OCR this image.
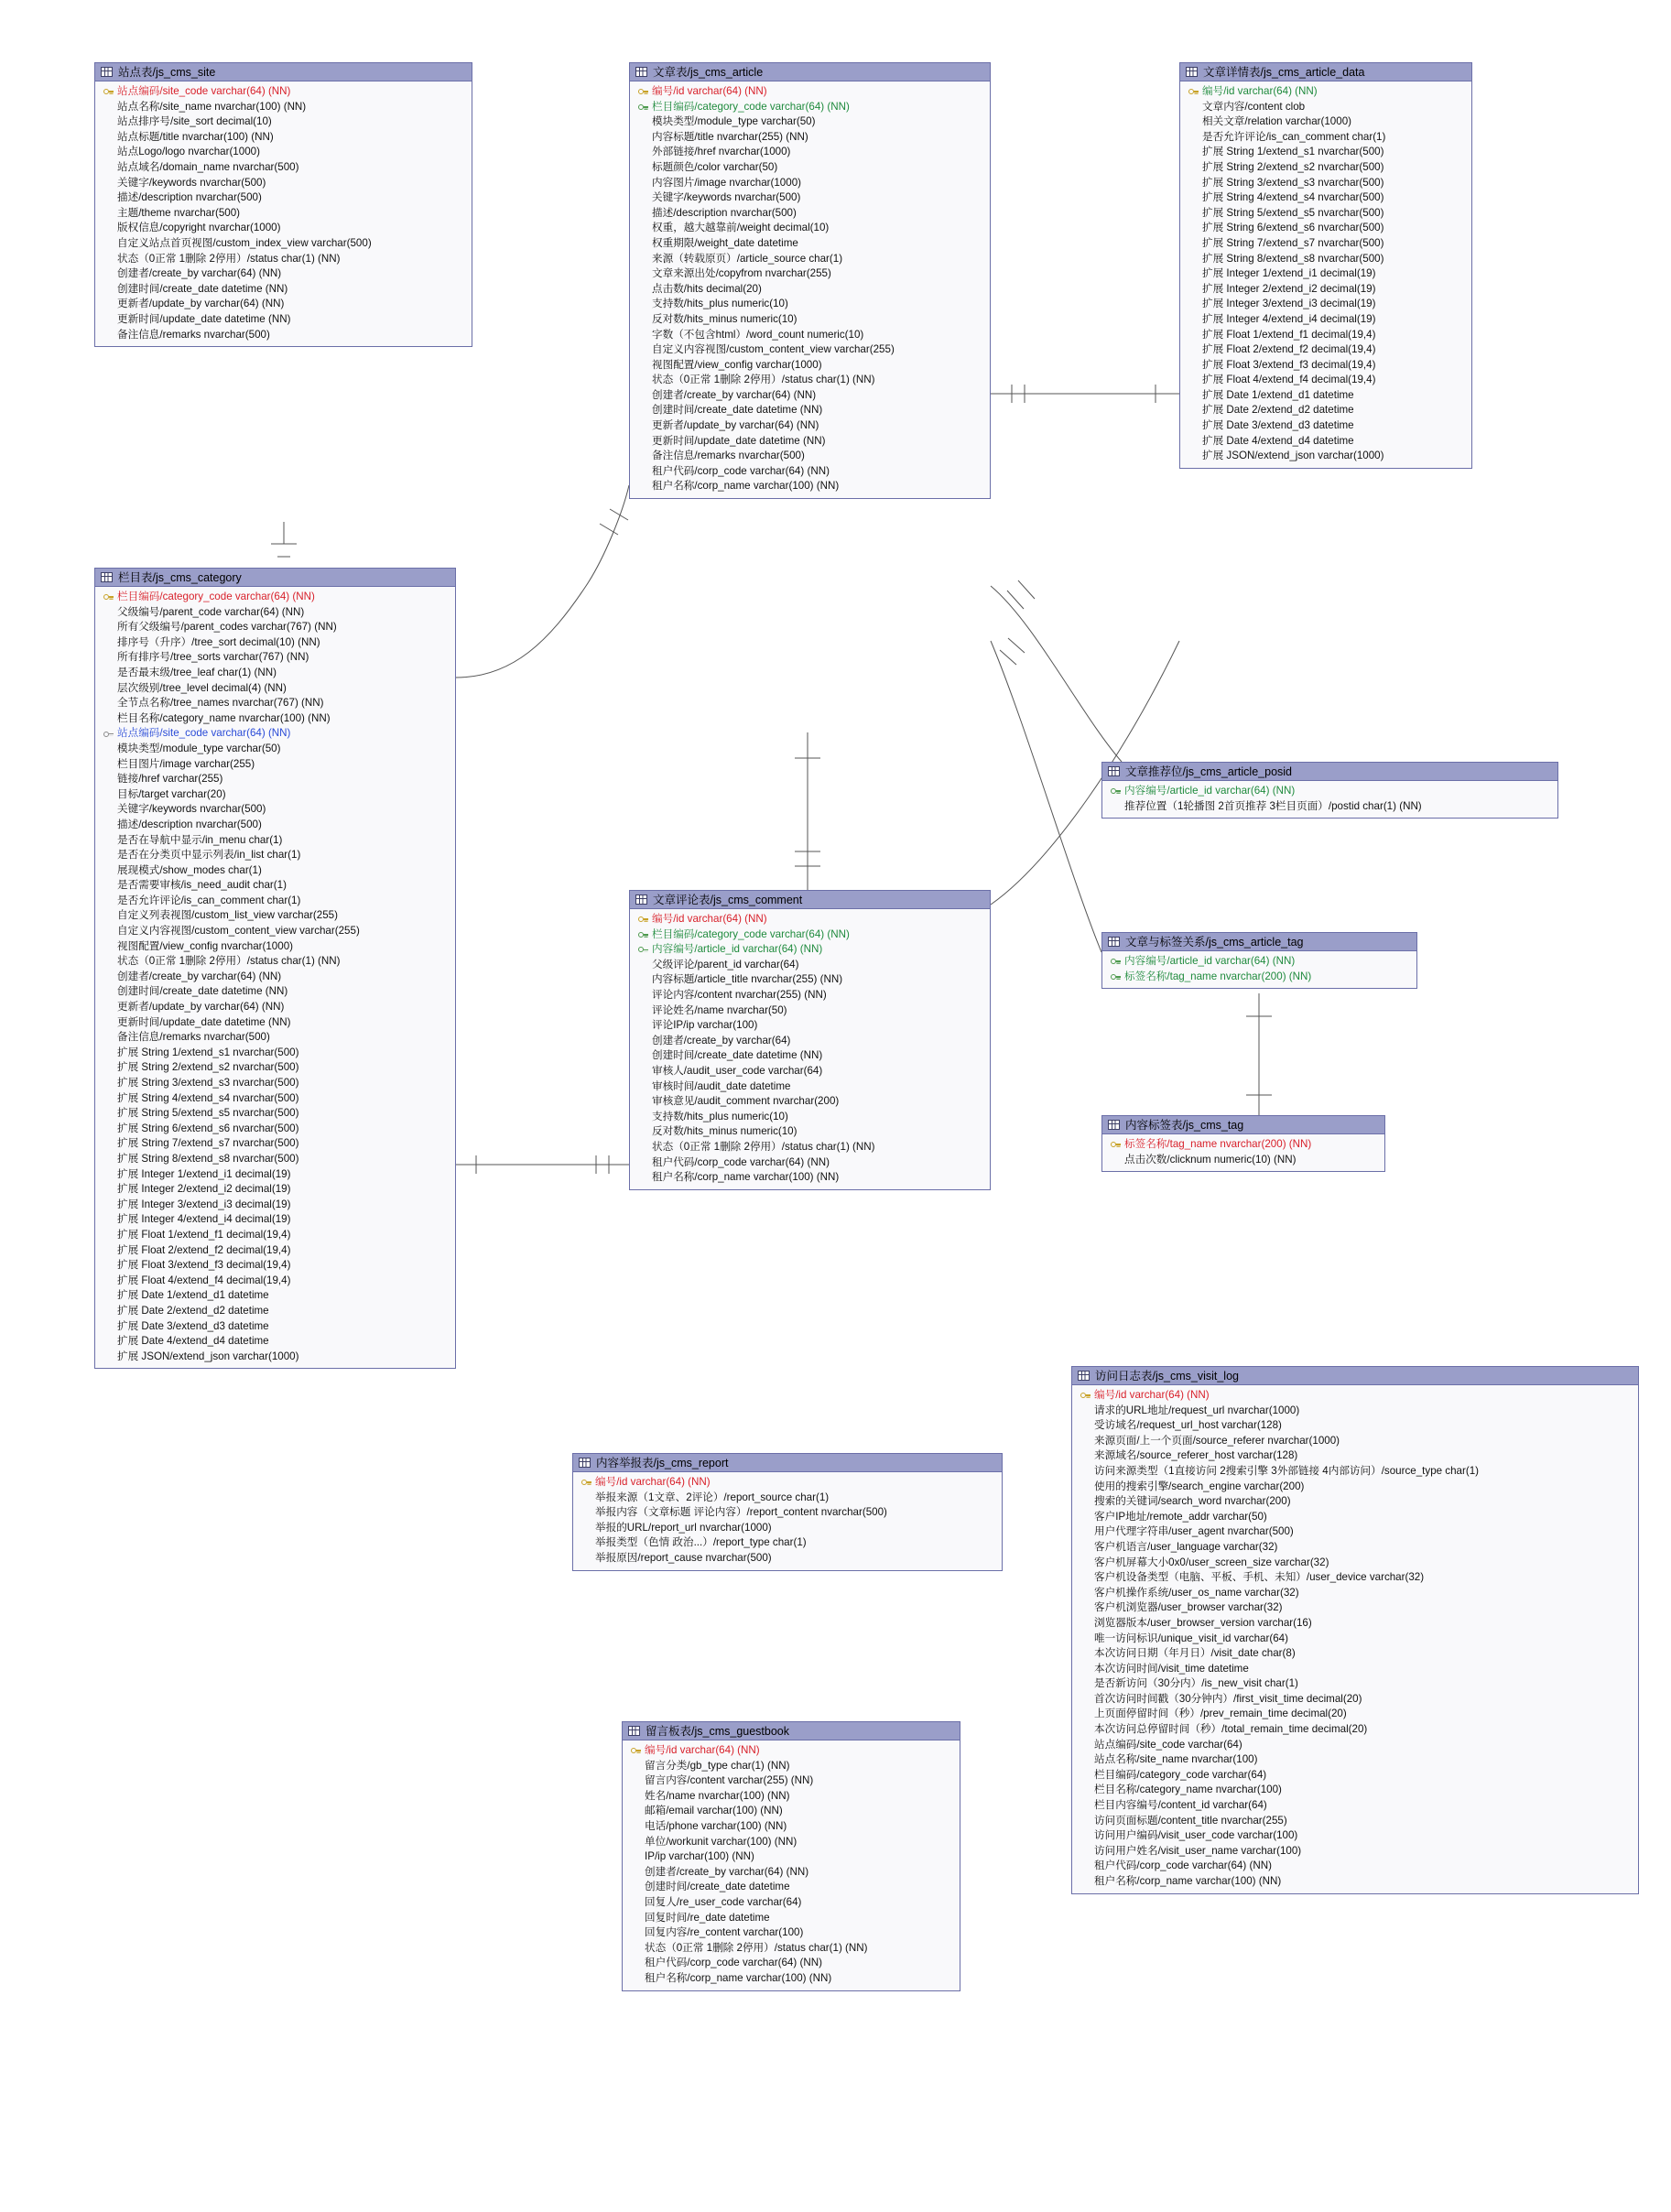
站点表/js_cms_site
站点编码/site_code varchar(64) (NN)
站点名称/site_name nvarchar(100) (NN)
站点排序号/site_sort decimal(10)
站点标题/title nvarchar(100) (NN)
站点Logo/logo nvarchar(1000)
站点域名/domain_name nvarchar(500)
关键字/keywords nvarchar(500)
描述/description nvarchar(500)
主题/theme nvarchar(500)
版权信息/copyright nvarchar(1000)
自定义站点首页视图/custom_index_view varchar(500)
状态（0正常 1删除 2停用）/status char(1) (NN)
创建者/create_by varchar(64) (NN)
创建时间/create_date datetime (NN)
更新者/update_by varchar(64) (NN)
更新时间/update_date datetime (NN)
备注信息/remarks nvarchar(500)
栏目表/js_cms_category
栏目编码/category_code varchar(64) (NN)
父级编号/parent_code varchar(64) (NN)
所有父级编号/parent_codes varchar(767) (NN)
排序号（升序）/tree_sort decimal(10) (NN)
所有排序号/tree_sorts varchar(767) (NN)
是否最末级/tree_leaf char(1) (NN)
层次级别/tree_level decimal(4) (NN)
全节点名称/tree_names nvarchar(767) (NN)
栏目名称/category_name nvarchar(100) (NN)
站点编码/site_code varchar(64) (NN)
模块类型/module_type varchar(50)
栏目图片/image varchar(255)
链接/href varchar(255)
目标/target varchar(20)
关键字/keywords nvarchar(500)
描述/description nvarchar(500)
是否在导航中显示/in_menu char(1)
是否在分类页中显示列表/in_list char(1)
展现模式/show_modes char(1)
是否需要审核/is_need_audit char(1)
是否允许评论/is_can_comment char(1)
自定义列表视图/custom_list_view varchar(255)
自定义内容视图/custom_content_view varchar(255)
视图配置/view_config nvarchar(1000)
状态（0正常 1删除 2停用）/status char(1) (NN)
创建者/create_by varchar(64) (NN)
创建时间/create_date datetime (NN)
更新者/update_by varchar(64) (NN)
更新时间/update_date datetime (NN)
备注信息/remarks nvarchar(500)
扩展 String 1/extend_s1 nvarchar(500)
扩展 String 2/extend_s2 nvarchar(500)
扩展 String 3/extend_s3 nvarchar(500)
扩展 String 4/extend_s4 nvarchar(500)
扩展 String 5/extend_s5 nvarchar(500)
扩展 String 6/extend_s6 nvarchar(500)
扩展 String 7/extend_s7 nvarchar(500)
扩展 String 8/extend_s8 nvarchar(500)
扩展 Integer 1/extend_i1 decimal(19)
扩展 Integer 2/extend_i2 decimal(19)
扩展 Integer 3/extend_i3 decimal(19)
扩展 Integer 4/extend_i4 decimal(19)
扩展 Float 1/extend_f1 decimal(19,4)
扩展 Float 2/extend_f2 decimal(19,4)
扩展 Float 3/extend_f3 decimal(19,4)
扩展 Float 4/extend_f4 decimal(19,4)
扩展 Date 1/extend_d1 datetime
扩展 Date 2/extend_d2 datetime
扩展 Date 3/extend_d3 datetime
扩展 Date 4/extend_d4 datetime
扩展 JSON/extend_json varchar(1000)
文章表/js_cms_article
编号/id varchar(64) (NN)
栏目编码/category_code varchar(64) (NN)
模块类型/module_type varchar(50)
内容标题/title nvarchar(255) (NN)
外部链接/href nvarchar(1000)
标题颜色/color varchar(50)
内容图片/image nvarchar(1000)
关键字/keywords nvarchar(500)
描述/description nvarchar(500)
权重，越大越靠前/weight decimal(10)
权重期限/weight_date datetime
来源（转载原页）/article_source char(1)
文章来源出处/copyfrom nvarchar(255)
点击数/hits decimal(20)
支持数/hits_plus numeric(10)
反对数/hits_minus numeric(10)
字数（不包含html）/word_count numeric(10)
自定义内容视图/custom_content_view varchar(255)
视图配置/view_config varchar(1000)
状态（0正常 1删除 2停用）/status char(1) (NN)
创建者/create_by varchar(64) (NN)
创建时间/create_date datetime (NN)
更新者/update_by varchar(64) (NN)
更新时间/update_date datetime (NN)
备注信息/remarks nvarchar(500)
租户代码/corp_code varchar(64) (NN)
租户名称/corp_name varchar(100) (NN)
文章详情表/js_cms_article_data
编号/id varchar(64) (NN)
文章内容/content clob
相关文章/relation varchar(1000)
是否允许评论/is_can_comment char(1)
扩展 String 1/extend_s1 nvarchar(500)
扩展 String 2/extend_s2 nvarchar(500)
扩展 String 3/extend_s3 nvarchar(500)
扩展 String 4/extend_s4 nvarchar(500)
扩展 String 5/extend_s5 nvarchar(500)
扩展 String 6/extend_s6 nvarchar(500)
扩展 String 7/extend_s7 nvarchar(500)
扩展 String 8/extend_s8 nvarchar(500)
扩展 Integer 1/extend_i1 decimal(19)
扩展 Integer 2/extend_i2 decimal(19)
扩展 Integer 3/extend_i3 decimal(19)
扩展 Integer 4/extend_i4 decimal(19)
扩展 Float 1/extend_f1 decimal(19,4)
扩展 Float 2/extend_f2 decimal(19,4)
扩展 Float 3/extend_f3 decimal(19,4)
扩展 Float 4/extend_f4 decimal(19,4)
扩展 Date 1/extend_d1 datetime
扩展 Date 2/extend_d2 datetime
扩展 Date 3/extend_d3 datetime
扩展 Date 4/extend_d4 datetime
扩展 JSON/extend_json varchar(1000)
文章推荐位/js_cms_article_posid
内容编号/article_id varchar(64) (NN)
推荐位置（1轮播图 2首页推荐 3栏目页面）/postid char(1) (NN)
文章与标签关系/js_cms_article_tag
内容编号/article_id varchar(64) (NN)
标签名称/tag_name nvarchar(200) (NN)
内容标签表/js_cms_tag
标签名称/tag_name nvarchar(200) (NN)
点击次数/clicknum numeric(10) (NN)
文章评论表/js_cms_comment
编号/id varchar(64) (NN)
栏目编码/category_code varchar(64) (NN)
内容编号/article_id varchar(64) (NN)
父级评论/parent_id varchar(64)
内容标题/article_title nvarchar(255) (NN)
评论内容/content nvarchar(255) (NN)
评论姓名/name nvarchar(50)
评论IP/ip varchar(100)
创建者/create_by varchar(64)
创建时间/create_date datetime (NN)
审核人/audit_user_code varchar(64)
审核时间/audit_date datetime
审核意见/audit_comment nvarchar(200)
支持数/hits_plus numeric(10)
反对数/hits_minus numeric(10)
状态（0正常 1删除 2停用）/status char(1) (NN)
租户代码/corp_code varchar(64) (NN)
租户名称/corp_name varchar(100) (NN)
内容举报表/js_cms_report
编号/id varchar(64) (NN)
举报来源（1文章、2评论）/report_source char(1)
举报内容（文章标题 评论内容）/report_content nvarchar(500)
举报的URL/report_url nvarchar(1000)
举报类型（色情 政治...）/report_type char(1)
举报原因/report_cause nvarchar(500)
留言板表/js_cms_guestbook
编号/id varchar(64) (NN)
留言分类/gb_type char(1) (NN)
留言内容/content varchar(255) (NN)
姓名/name nvarchar(100) (NN)
邮箱/email varchar(100) (NN)
电话/phone varchar(100) (NN)
单位/workunit varchar(100) (NN)
IP/ip varchar(100) (NN)
创建者/create_by varchar(64) (NN)
创建时间/create_date datetime
回复人/re_user_code varchar(64)
回复时间/re_date datetime
回复内容/re_content varchar(100)
状态（0正常 1删除 2停用）/status char(1) (NN)
租户代码/corp_code varchar(64) (NN)
租户名称/corp_name varchar(100) (NN)
访问日志表/js_cms_visit_log
编号/id varchar(64) (NN)
请求的URL地址/request_url nvarchar(1000)
受访域名/request_url_host varchar(128)
来源页面/上一个页面/source_referer nvarchar(1000)
来源域名/source_referer_host varchar(128)
访问来源类型（1直接访问 2搜索引擎 3外部链接 4内部访问）/source_type char(1)
使用的搜索引擎/search_engine varchar(200)
搜索的关键词/search_word nvarchar(200)
客户IP地址/remote_addr varchar(50)
用户代理字符串/user_agent nvarchar(500)
客户机语言/user_language varchar(32)
客户机屏幕大小0x0/user_screen_size varchar(32)
客户机设备类型（电脑、平板、手机、未知）/user_device varchar(32)
客户机操作系统/user_os_name varchar(32)
客户机浏览器/user_browser varchar(32)
浏览器版本/user_browser_version varchar(16)
唯一访问标识/unique_visit_id varchar(64)
本次访问日期（年月日）/visit_date char(8)
本次访问时间/visit_time datetime
是否新访问（30分内）/is_new_visit char(1)
首次访问时间戳（30分钟内）/first_visit_time decimal(20)
上页面停留时间（秒）/prev_remain_time decimal(20)
本次访问总停留时间（秒）/total_remain_time decimal(20)
站点编码/site_code varchar(64)
站点名称/site_name nvarchar(100)
栏目编码/category_code varchar(64)
栏目名称/category_name nvarchar(100)
栏目内容编号/content_id varchar(64)
访问页面标题/content_title nvarchar(255)
访问用户编码/visit_user_code varchar(100)
访问用户姓名/visit_user_name varchar(100)
租户代码/corp_code varchar(64) (NN)
租户名称/corp_name varchar(100) (NN)
